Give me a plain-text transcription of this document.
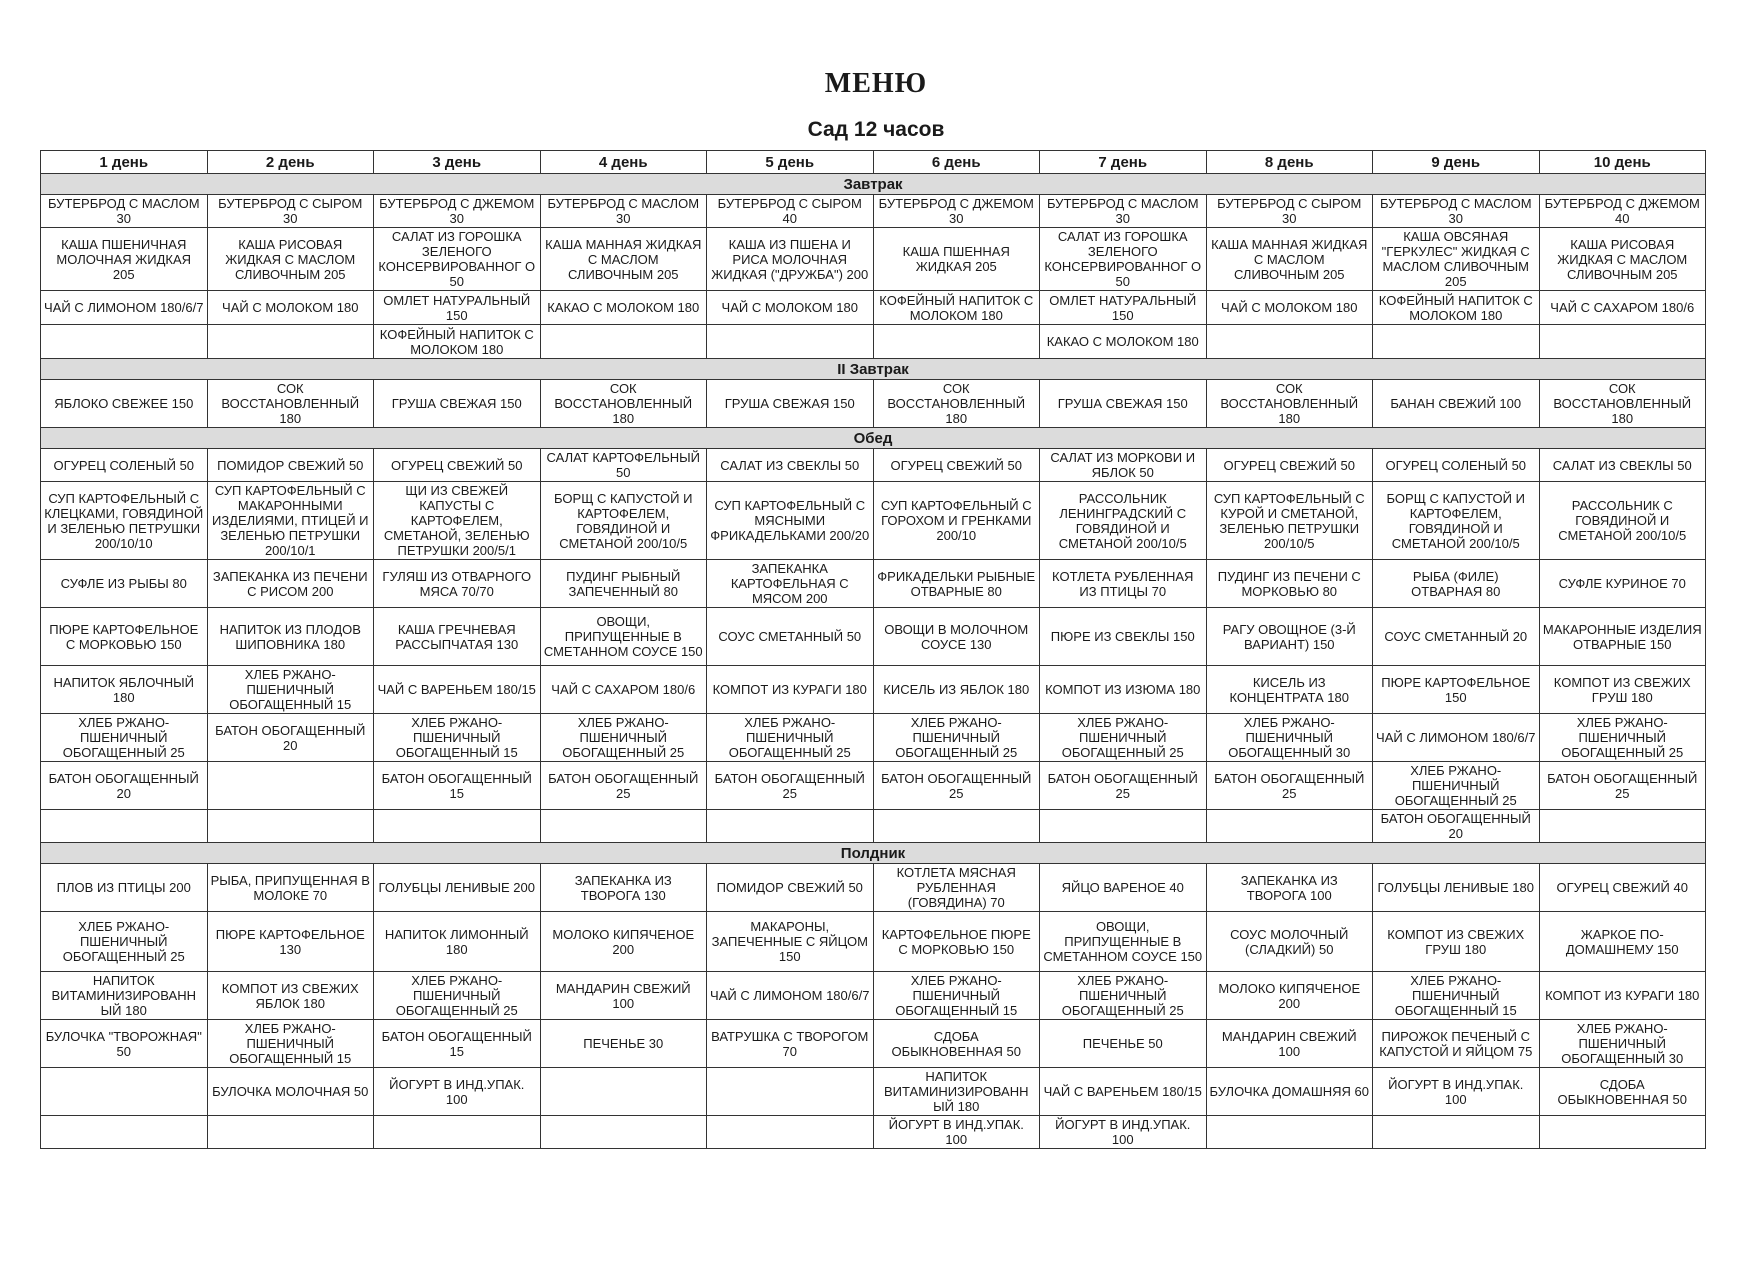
МЕНЮ
Сад 12 часов
1 день	2 день	3 день	4 день	5 день	6 день	7 день	8 день	9 день	10 день
Завтрак									
БУТЕРБРОД С МАСЛОМ 30	БУТЕРБРОД С СЫРОМ 30	БУТЕРБРОД С ДЖЕМОМ 30	БУТЕРБРОД С МАСЛОМ 30	БУТЕРБРОД С СЫРОМ 40	БУТЕРБРОД С ДЖЕМОМ 30	БУТЕРБРОД С МАСЛОМ 30	БУТЕРБРОД С СЫРОМ 30	БУТЕРБРОД С МАСЛОМ 30	БУТЕРБРОД С ДЖЕМОМ 40
КАША ПШЕНИЧНАЯ МОЛОЧНАЯ ЖИДКАЯ 205	КАША РИСОВАЯ ЖИДКАЯ С МАСЛОМ СЛИВОЧНЫМ 205	САЛАТ ИЗ ГОРОШКА ЗЕЛЕНОГО КОНСЕРВИРОВАННОГ О 50	КАША МАННАЯ ЖИДКАЯ С МАСЛОМ СЛИВОЧНЫМ 205	КАША ИЗ ПШЕНА И РИСА МОЛОЧНАЯ ЖИДКАЯ ("ДРУЖБА") 200	КАША ПШЕННАЯ ЖИДКАЯ 205	САЛАТ ИЗ ГОРОШКА ЗЕЛЕНОГО КОНСЕРВИРОВАННОГ О 50	КАША МАННАЯ ЖИДКАЯ С МАСЛОМ СЛИВОЧНЫМ 205	КАША ОВСЯНАЯ "ГЕРКУЛЕС" ЖИДКАЯ С МАСЛОМ СЛИВОЧНЫМ 205	КАША РИСОВАЯ ЖИДКАЯ С МАСЛОМ СЛИВОЧНЫМ 205
ЧАЙ С ЛИМОНОМ 180/6/7	ЧАЙ С МОЛОКОМ 180	ОМЛЕТ НАТУРАЛЬНЫЙ 150	КАКАО С МОЛОКОМ 180	ЧАЙ С МОЛОКОМ 180	КОФЕЙНЫЙ НАПИТОК С МОЛОКОМ 180	ОМЛЕТ НАТУРАЛЬНЫЙ 150	ЧАЙ С МОЛОКОМ 180	КОФЕЙНЫЙ НАПИТОК С МОЛОКОМ 180	ЧАЙ С САХАРОМ 180/6
		КОФЕЙНЫЙ НАПИТОК С МОЛОКОМ 180				КАКАО С МОЛОКОМ 180			
II Завтрак									
ЯБЛОКО СВЕЖЕЕ 150	СОК ВОССТАНОВЛЕННЫЙ 180	ГРУША СВЕЖАЯ 150	СОК ВОССТАНОВЛЕННЫЙ 180	ГРУША СВЕЖАЯ 150	СОК ВОССТАНОВЛЕННЫЙ 180	ГРУША СВЕЖАЯ 150	СОК ВОССТАНОВЛЕННЫЙ 180	БАНАН СВЕЖИЙ 100	СОК ВОССТАНОВЛЕННЫЙ 180
Обед									
ОГУРЕЦ СОЛЕНЫЙ 50	ПОМИДОР СВЕЖИЙ 50	ОГУРЕЦ СВЕЖИЙ 50	САЛАТ КАРТОФЕЛЬНЫЙ 50	САЛАТ ИЗ СВЕКЛЫ 50	ОГУРЕЦ СВЕЖИЙ 50	САЛАТ ИЗ МОРКОВИ И ЯБЛОК 50	ОГУРЕЦ СВЕЖИЙ 50	ОГУРЕЦ СОЛЕНЫЙ 50	САЛАТ ИЗ СВЕКЛЫ 50
СУП КАРТОФЕЛЬНЫЙ С КЛЕЦКАМИ, ГОВЯДИНОЙ И ЗЕЛЕНЬЮ ПЕТРУШКИ 200/10/10	СУП КАРТОФЕЛЬНЫЙ С МАКАРОННЫМИ ИЗДЕЛИЯМИ, ПТИЦЕЙ И ЗЕЛЕНЬЮ ПЕТРУШКИ 200/10/1	ЩИ ИЗ СВЕЖЕЙ КАПУСТЫ С КАРТОФЕЛЕМ, СМЕТАНОЙ, ЗЕЛЕНЬЮ ПЕТРУШКИ 200/5/1	БОРЩ С КАПУСТОЙ И КАРТОФЕЛЕМ, ГОВЯДИНОЙ И СМЕТАНОЙ 200/10/5	СУП КАРТОФЕЛЬНЫЙ С МЯСНЫМИ ФРИКАДЕЛЬКАМИ 200/20	СУП КАРТОФЕЛЬНЫЙ С ГОРОХОМ И ГРЕНКАМИ 200/10	РАССОЛЬНИК ЛЕНИНГРАДСКИЙ С ГОВЯДИНОЙ И СМЕТАНОЙ 200/10/5	СУП КАРТОФЕЛЬНЫЙ С КУРОЙ И СМЕТАНОЙ, ЗЕЛЕНЬЮ ПЕТРУШКИ 200/10/5	БОРЩ С КАПУСТОЙ И КАРТОФЕЛЕМ, ГОВЯДИНОЙ И СМЕТАНОЙ 200/10/5	РАССОЛЬНИК С ГОВЯДИНОЙ И СМЕТАНОЙ 200/10/5
СУФЛЕ ИЗ РЫБЫ 80	ЗАПЕКАНКА ИЗ ПЕЧЕНИ С РИСОМ 200	ГУЛЯШ ИЗ ОТВАРНОГО МЯСА 70/70	ПУДИНГ РЫБНЫЙ ЗАПЕЧЕННЫЙ 80	ЗАПЕКАНКА КАРТОФЕЛЬНАЯ С МЯСОМ 200	ФРИКАДЕЛЬКИ РЫБНЫЕ ОТВАРНЫЕ 80	КОТЛЕТА РУБЛЕННАЯ ИЗ ПТИЦЫ 70	ПУДИНГ ИЗ ПЕЧЕНИ С МОРКОВЬЮ 80	РЫБА (ФИЛЕ) ОТВАРНАЯ 80	СУФЛЕ КУРИНОЕ 70
ПЮРЕ КАРТОФЕЛЬНОЕ С МОРКОВЬЮ 150	НАПИТОК ИЗ ПЛОДОВ ШИПОВНИКА 180	КАША ГРЕЧНЕВАЯ РАССЫПЧАТАЯ 130	ОВОЩИ, ПРИПУЩЕННЫЕ В СМЕТАННОМ СОУСЕ 150	СОУС СМЕТАННЫЙ 50	ОВОЩИ В МОЛОЧНОМ СОУСЕ 130	ПЮРЕ ИЗ СВЕКЛЫ 150	РАГУ ОВОЩНОЕ (3-Й ВАРИАНТ) 150	СОУС СМЕТАННЫЙ 20	МАКАРОННЫЕ ИЗДЕЛИЯ ОТВАРНЫЕ 150
НАПИТОК ЯБЛОЧНЫЙ 180	ХЛЕБ РЖАНО-ПШЕНИЧНЫЙ ОБОГАЩЕННЫЙ 15	ЧАЙ С ВАРЕНЬЕМ 180/15	ЧАЙ С САХАРОМ 180/6	КОМПОТ ИЗ КУРАГИ 180	КИСЕЛЬ ИЗ ЯБЛОК 180	КОМПОТ ИЗ ИЗЮМА 180	КИСЕЛЬ ИЗ КОНЦЕНТРАТА 180	ПЮРЕ КАРТОФЕЛЬНОЕ 150	КОМПОТ ИЗ СВЕЖИХ ГРУШ 180
ХЛЕБ РЖАНО-ПШЕНИЧНЫЙ ОБОГАЩЕННЫЙ 25	БАТОН ОБОГАЩЕННЫЙ 20	ХЛЕБ РЖАНО-ПШЕНИЧНЫЙ ОБОГАЩЕННЫЙ 15	ХЛЕБ РЖАНО-ПШЕНИЧНЫЙ ОБОГАЩЕННЫЙ 25	ХЛЕБ РЖАНО-ПШЕНИЧНЫЙ ОБОГАЩЕННЫЙ 25	ХЛЕБ РЖАНО-ПШЕНИЧНЫЙ ОБОГАЩЕННЫЙ 25	ХЛЕБ РЖАНО-ПШЕНИЧНЫЙ ОБОГАЩЕННЫЙ 25	ХЛЕБ РЖАНО-ПШЕНИЧНЫЙ ОБОГАЩЕННЫЙ 30	ЧАЙ С ЛИМОНОМ 180/6/7	ХЛЕБ РЖАНО-ПШЕНИЧНЫЙ ОБОГАЩЕННЫЙ 25
БАТОН ОБОГАЩЕННЫЙ 20		БАТОН ОБОГАЩЕННЫЙ 15	БАТОН ОБОГАЩЕННЫЙ 25	БАТОН ОБОГАЩЕННЫЙ 25	БАТОН ОБОГАЩЕННЫЙ 25	БАТОН ОБОГАЩЕННЫЙ 25	БАТОН ОБОГАЩЕННЫЙ 25	ХЛЕБ РЖАНО-ПШЕНИЧНЫЙ ОБОГАЩЕННЫЙ 25	БАТОН ОБОГАЩЕННЫЙ 25
								БАТОН ОБОГАЩЕННЫЙ 20	
Полдник									
ПЛОВ ИЗ ПТИЦЫ 200	РЫБА, ПРИПУЩЕННАЯ В МОЛОКЕ 70	ГОЛУБЦЫ ЛЕНИВЫЕ 200	ЗАПЕКАНКА ИЗ ТВОРОГА 130	ПОМИДОР СВЕЖИЙ 50	КОТЛЕТА МЯСНАЯ РУБЛЕННАЯ (ГОВЯДИНА) 70	ЯЙЦО ВАРЕНОЕ 40	ЗАПЕКАНКА ИЗ ТВОРОГА 100	ГОЛУБЦЫ ЛЕНИВЫЕ 180	ОГУРЕЦ СВЕЖИЙ 40
ХЛЕБ РЖАНО-ПШЕНИЧНЫЙ ОБОГАЩЕННЫЙ 25	ПЮРЕ КАРТОФЕЛЬНОЕ 130	НАПИТОК ЛИМОННЫЙ 180	МОЛОКО КИПЯЧЕНОЕ 200	МАКАРОНЫ, ЗАПЕЧЕННЫЕ С ЯЙЦОМ 150	КАРТОФЕЛЬНОЕ ПЮРЕ С МОРКОВЬЮ 150	ОВОЩИ, ПРИПУЩЕННЫЕ В СМЕТАННОМ СОУСЕ 150	СОУС МОЛОЧНЫЙ (СЛАДКИЙ) 50	КОМПОТ ИЗ СВЕЖИХ ГРУШ 180	ЖАРКОЕ ПО-ДОМАШНЕМУ 150
НАПИТОК ВИТАМИНИЗИРОВАНН ЫЙ 180	КОМПОТ ИЗ СВЕЖИХ ЯБЛОК 180	ХЛЕБ РЖАНО-ПШЕНИЧНЫЙ ОБОГАЩЕННЫЙ 25	МАНДАРИН СВЕЖИЙ 100	ЧАЙ С ЛИМОНОМ 180/6/7	ХЛЕБ РЖАНО-ПШЕНИЧНЫЙ ОБОГАЩЕННЫЙ 15	ХЛЕБ РЖАНО-ПШЕНИЧНЫЙ ОБОГАЩЕННЫЙ 25	МОЛОКО КИПЯЧЕНОЕ 200	ХЛЕБ РЖАНО-ПШЕНИЧНЫЙ ОБОГАЩЕННЫЙ 15	КОМПОТ ИЗ КУРАГИ 180
БУЛОЧКА "ТВОРОЖНАЯ" 50	ХЛЕБ РЖАНО-ПШЕНИЧНЫЙ ОБОГАЩЕННЫЙ 15	БАТОН ОБОГАЩЕННЫЙ 15	ПЕЧЕНЬЕ 30	ВАТРУШКА С ТВОРОГОМ 70	СДОБА ОБЫКНОВЕННАЯ 50	ПЕЧЕНЬЕ 50	МАНДАРИН СВЕЖИЙ 100	ПИРОЖОК ПЕЧЕНЫЙ С КАПУСТОЙ И ЯЙЦОМ 75	ХЛЕБ РЖАНО-ПШЕНИЧНЫЙ ОБОГАЩЕННЫЙ 30
	БУЛОЧКА МОЛОЧНАЯ 50	ЙОГУРТ В ИНД.УПАК. 100			НАПИТОК ВИТАМИНИЗИРОВАНН ЫЙ 180	ЧАЙ С ВАРЕНЬЕМ 180/15	БУЛОЧКА ДОМАШНЯЯ 60	ЙОГУРТ В ИНД.УПАК. 100	СДОБА ОБЫКНОВЕННАЯ 50
					ЙОГУРТ В ИНД.УПАК. 100	ЙОГУРТ В ИНД.УПАК. 100			
